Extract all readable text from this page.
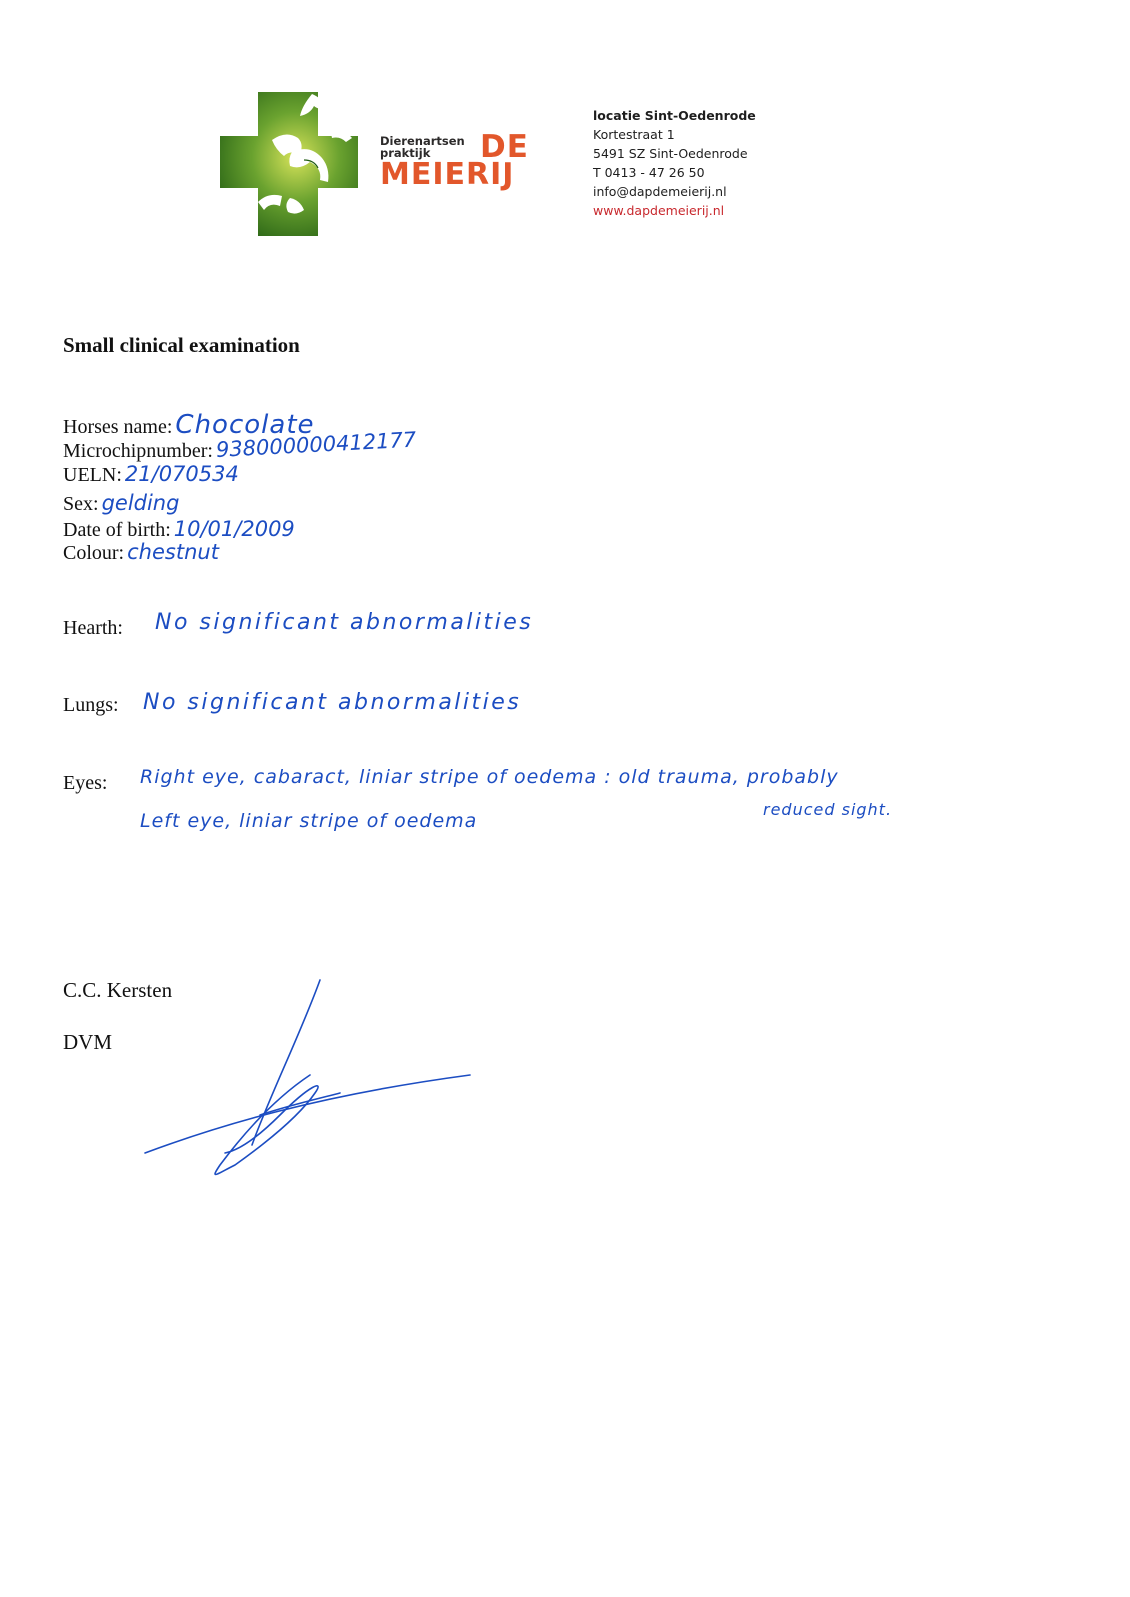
Dierenartsen
praktijk	DE
MEIERIJ
locatie Sint-Oedenrode
Kortestraat 1
5491 SZ Sint-Oedenrode
T 0413 - 47 26 50
info@dapdemeierij.nl
www.dapdemeierij.nl
Small clinical examination
Horses name: Chocolate
Microchipnumber: 938000000412177
UELN: 21/070534
Sex: gelding
Date of birth: 10/01/2009
Colour: chestnut
Hearth: No significant abnormalities
Lungs: No significant abnormalities
Eyes: Right eye, cabaract, liniar stripe of oedema : old trauma, probably
reduced sight.
Left eye, liniar stripe of oedema
C.C. Kersten
DVM
